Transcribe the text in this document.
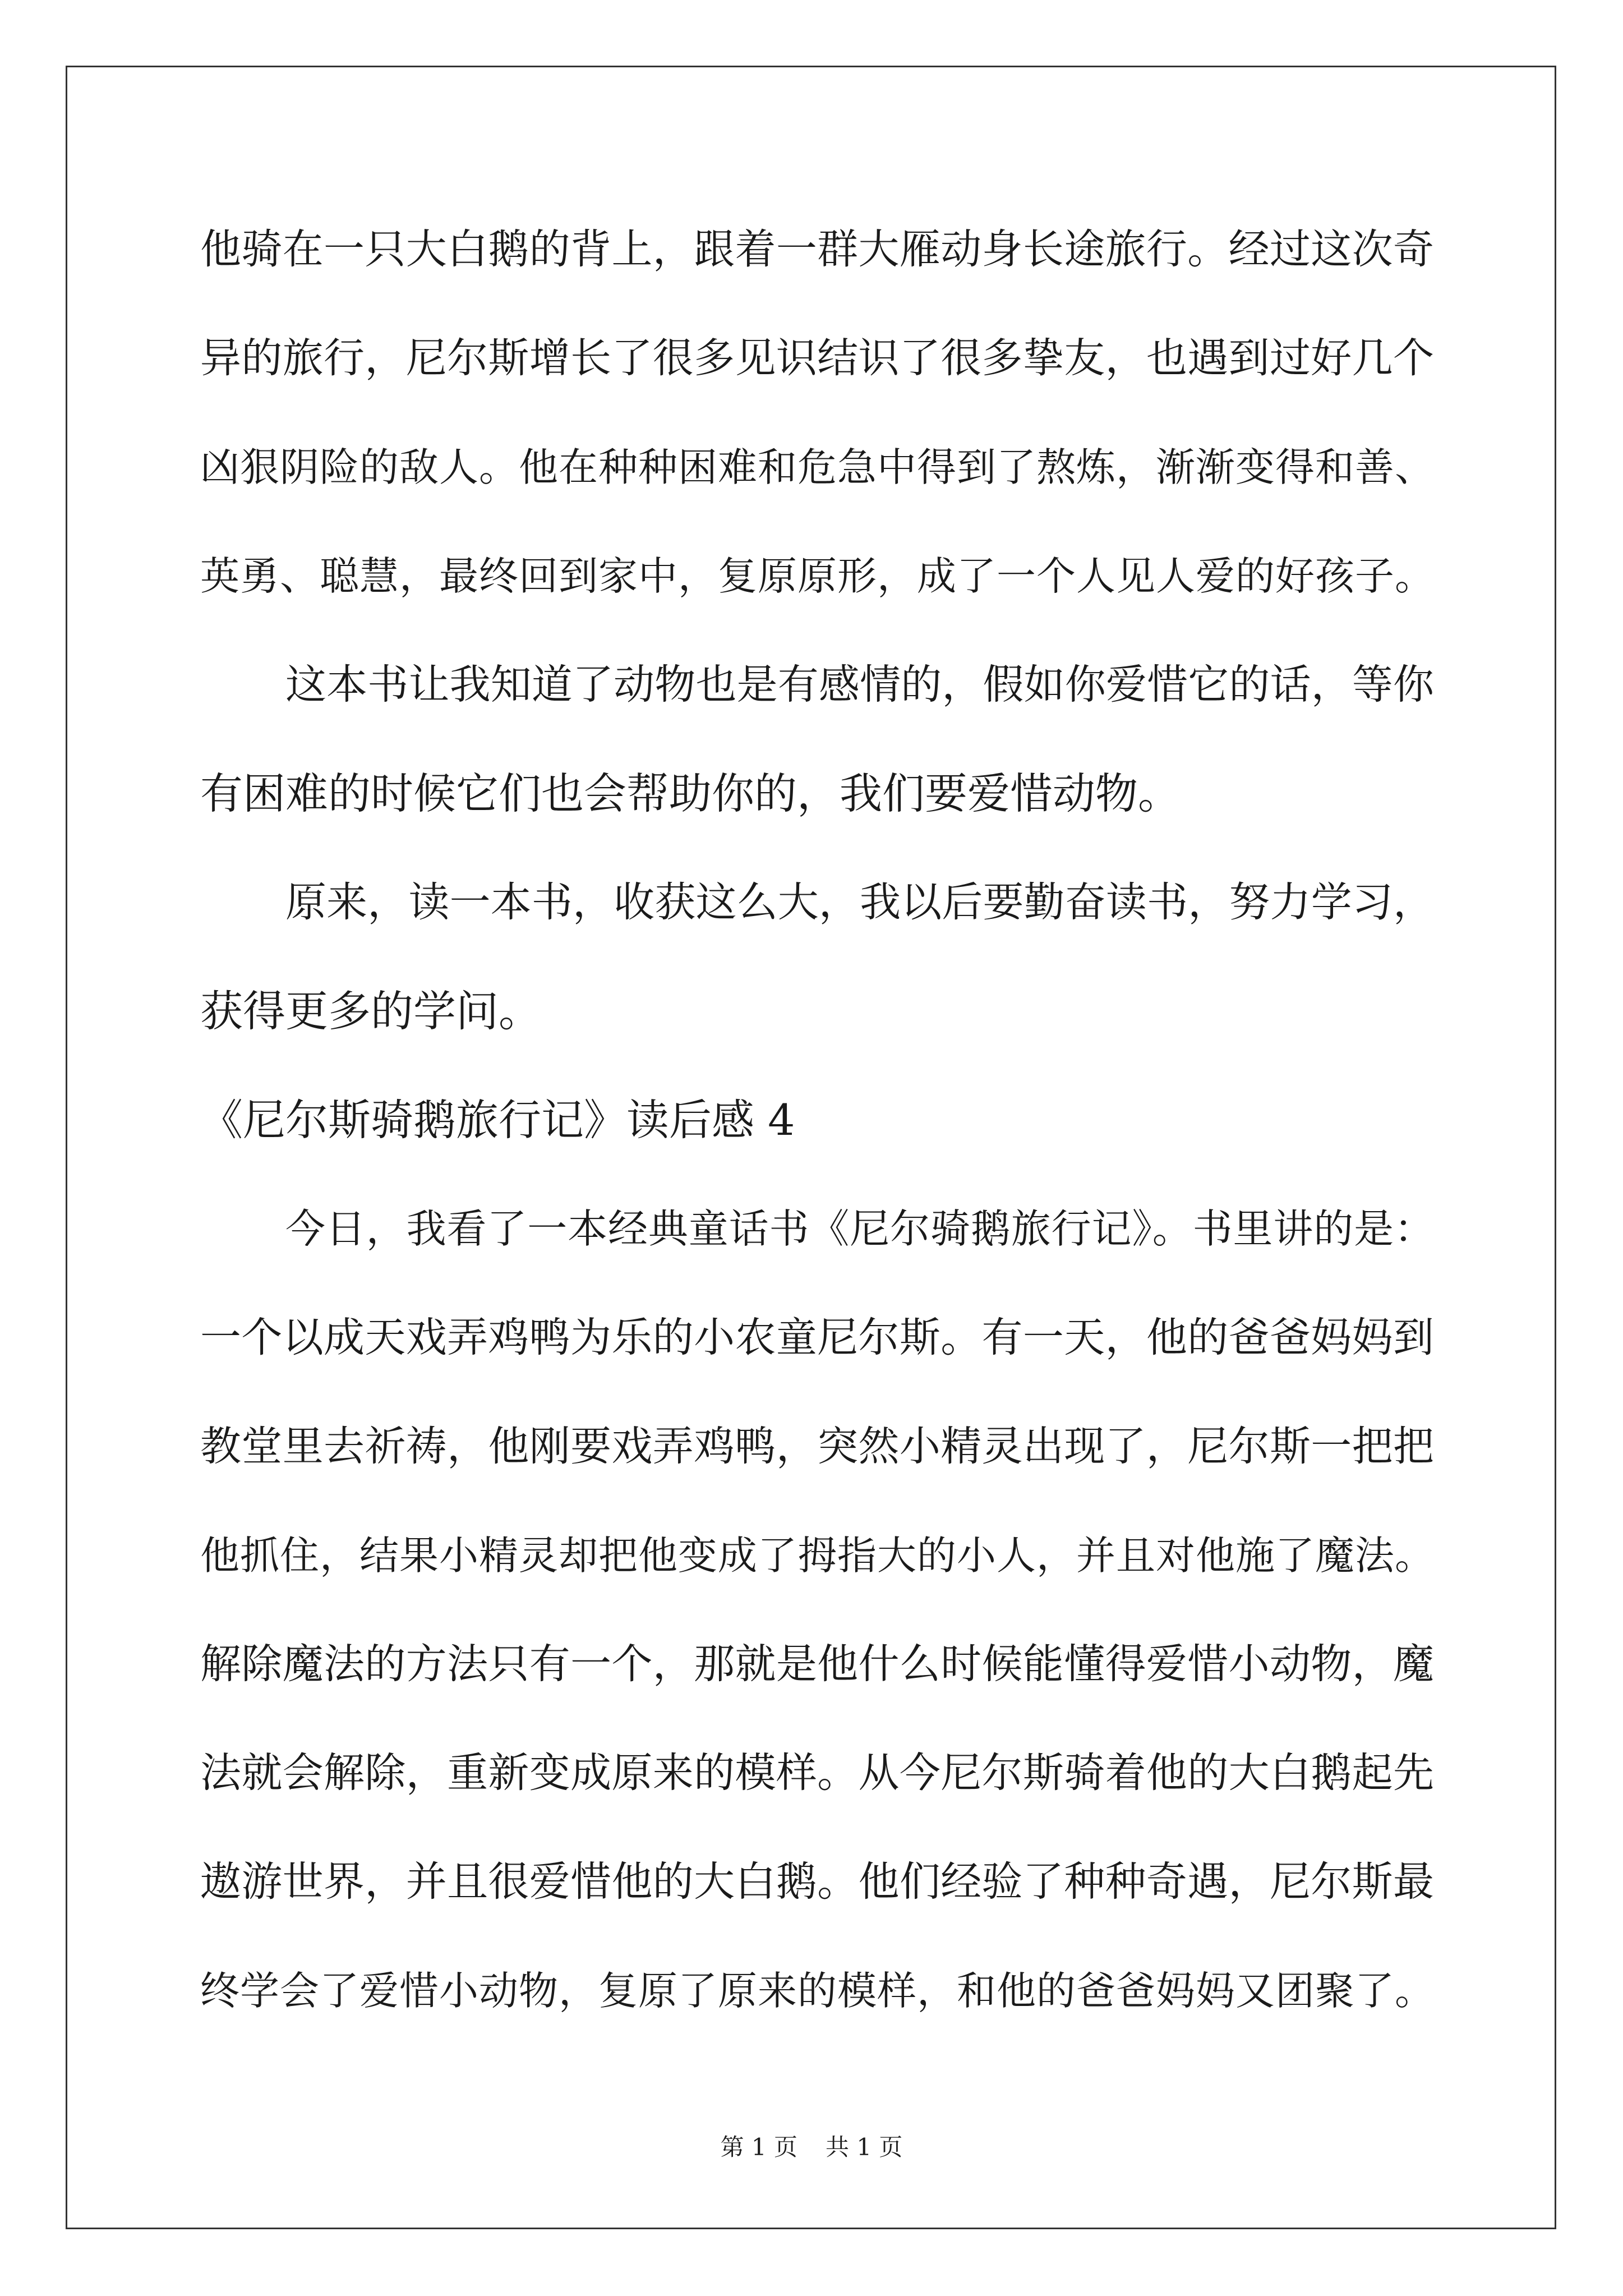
他骑在一只大白鹅的背上，跟着一群大雁动身长途旅行。经过这次奇
异的旅行，尼尔斯增长了很多见识结识了很多挚友，也遇到过好几个
凶狠阴险的敌人。他在种种困难和危急中得到了熬炼，渐渐变得和善、
英勇、聪慧，最终回到家中，复原原形，成了一个人见人爱的好孩子。
这本书让我知道了动物也是有感情的，假如你爱惜它的话，等你
有困难的时候它们也会帮助你的，我们要爱惜动物。
原来，读一本书，收获这么大，我以后要勤奋读书，努力学习，
获得更多的学问。
《尼尔斯骑鹅旅行记》读后感 4
今日，我看了一本经典童话书《尼尔骑鹅旅行记》。书里讲的是：
一个以成天戏弄鸡鸭为乐的小农童尼尔斯。有一天，他的爸爸妈妈到
教堂里去祈祷，他刚要戏弄鸡鸭，突然小精灵出现了，尼尔斯一把把
他抓住，结果小精灵却把他变成了拇指大的小人，并且对他施了魔法。
解除魔法的方法只有一个，那就是他什么时候能懂得爱惜小动物，魔
法就会解除，重新变成原来的模样。从今尼尔斯骑着他的大白鹅起先
遨游世界，并且很爱惜他的大白鹅。他们经验了种种奇遇，尼尔斯最
终学会了爱惜小动物，复原了原来的模样，和他的爸爸妈妈又团聚了。
第 1 页 共 1 页
